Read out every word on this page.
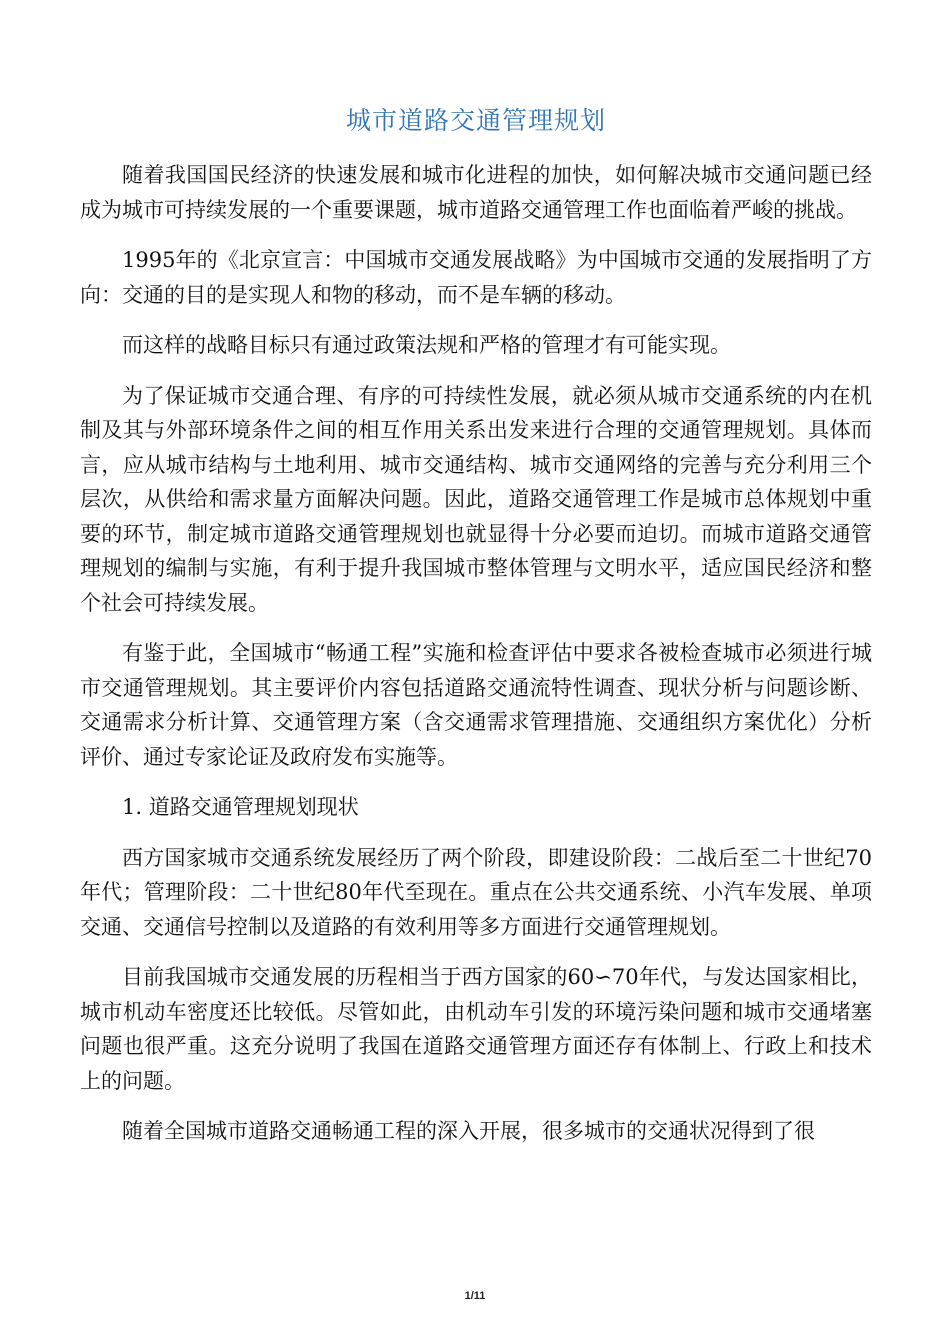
城市道路交通管理规划

随着我国国民经济的快速发展和城市化进程的加快，如何解决城市交通问题已经成为城市可持续发展的一个重要课题，城市道路交通管理工作也面临着严峻的挑战。

1995年的《北京宣言：中国城市交通发展战略》为中国城市交通的发展指明了方向：交通的目的是实现人和物的移动，而不是车辆的移动。

而这样的战略目标只有通过政策法规和严格的管理才有可能实现。

为了保证城市交通合理、有序的可持续性发展，就必须从城市交通系统的内在机制及其与外部环境条件之间的相互作用关系出发来进行合理的交通管理规划。具体而言，应从城市结构与土地利用、城市交通结构、城市交通网络的完善与充分利用三个层次，从供给和需求量方面解决问题。因此，道路交通管理工作是城市总体规划中重要的环节，制定城市道路交通管理规划也就显得十分必要而迫切。而城市道路交通管理规划的编制与实施，有利于提升我国城市整体管理与文明水平，适应国民经济和整个社会可持续发展。

有鉴于此，全国城市“畅通工程”实施和检查评估中要求各被检查城市必须进行城市交通管理规划。其主要评价内容包括道路交通流特性调查、现状分析与问题诊断、交通需求分析计算、交通管理方案（含交通需求管理措施、交通组织方案优化）分析评价、通过专家论证及政府发布实施等。

1. 道路交通管理规划现状

西方国家城市交通系统发展经历了两个阶段，即建设阶段：二战后至二十世纪70年代；管理阶段：二十世纪80年代至现在。重点在公共交通系统、小汽车发展、单项交通、交通信号控制以及道路的有效利用等多方面进行交通管理规划。

目前我国城市交通发展的历程相当于西方国家的60∽70年代，与发达国家相比，城市机动车密度还比较低。尽管如此，由机动车引发的环境污染问题和城市交通堵塞问题也很严重。这充分说明了我国在道路交通管理方面还存有体制上、行政上和技术上的问题。

随着全国城市道路交通畅通工程的深入开展，很多城市的交通状况得到了很

1/11
